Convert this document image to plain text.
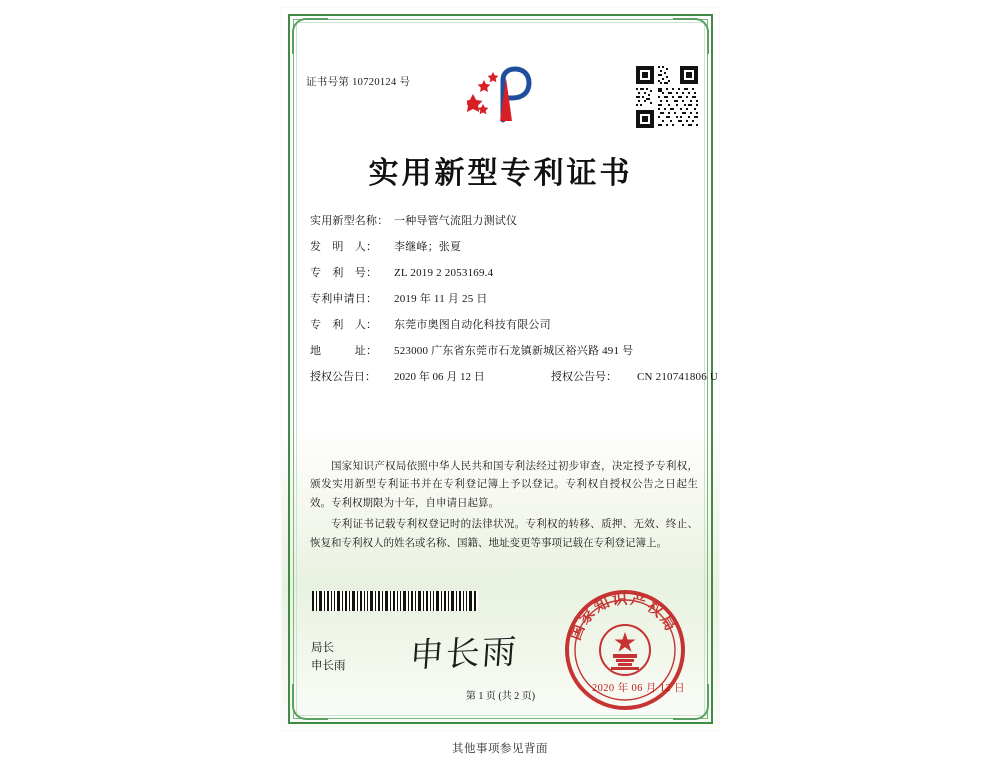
证书号第 10720124 号
实用新型专利证书
实用新型名称： 一种导管气流阻力测试仪
发　明　人：	李继峰；张夏
专　利　号：	ZL 2019 2 2053169.4
专利申请日：	2019 年 11 月 25 日
专　利　人：	东莞市奥图自动化科技有限公司
地　　　址：	523000 广东省东莞市石龙镇新城区裕兴路 491 号
授权公告日：	2020 年 06 月 12 日	授权公告号：	CN 210741806 U

国家知识产权局依照中华人民共和国专利法经过初步审查，决定授予专利权，颁发实用新型专利证书并在专利登记簿上予以登记。专利权自授权公告之日起生效。专利权期限为十年，自申请日起算。

专利证书记载专利权登记时的法律状况。专利权的转移、质押、无效、终止、恢复和专利权人的姓名或名称、国籍、地址变更等事项记载在专利登记簿上。

局长
申长雨 申长雨
国家知识产权局
2020 年 06 月 12 日
第 1 页 (共 2 页)
其他事项参见背面
